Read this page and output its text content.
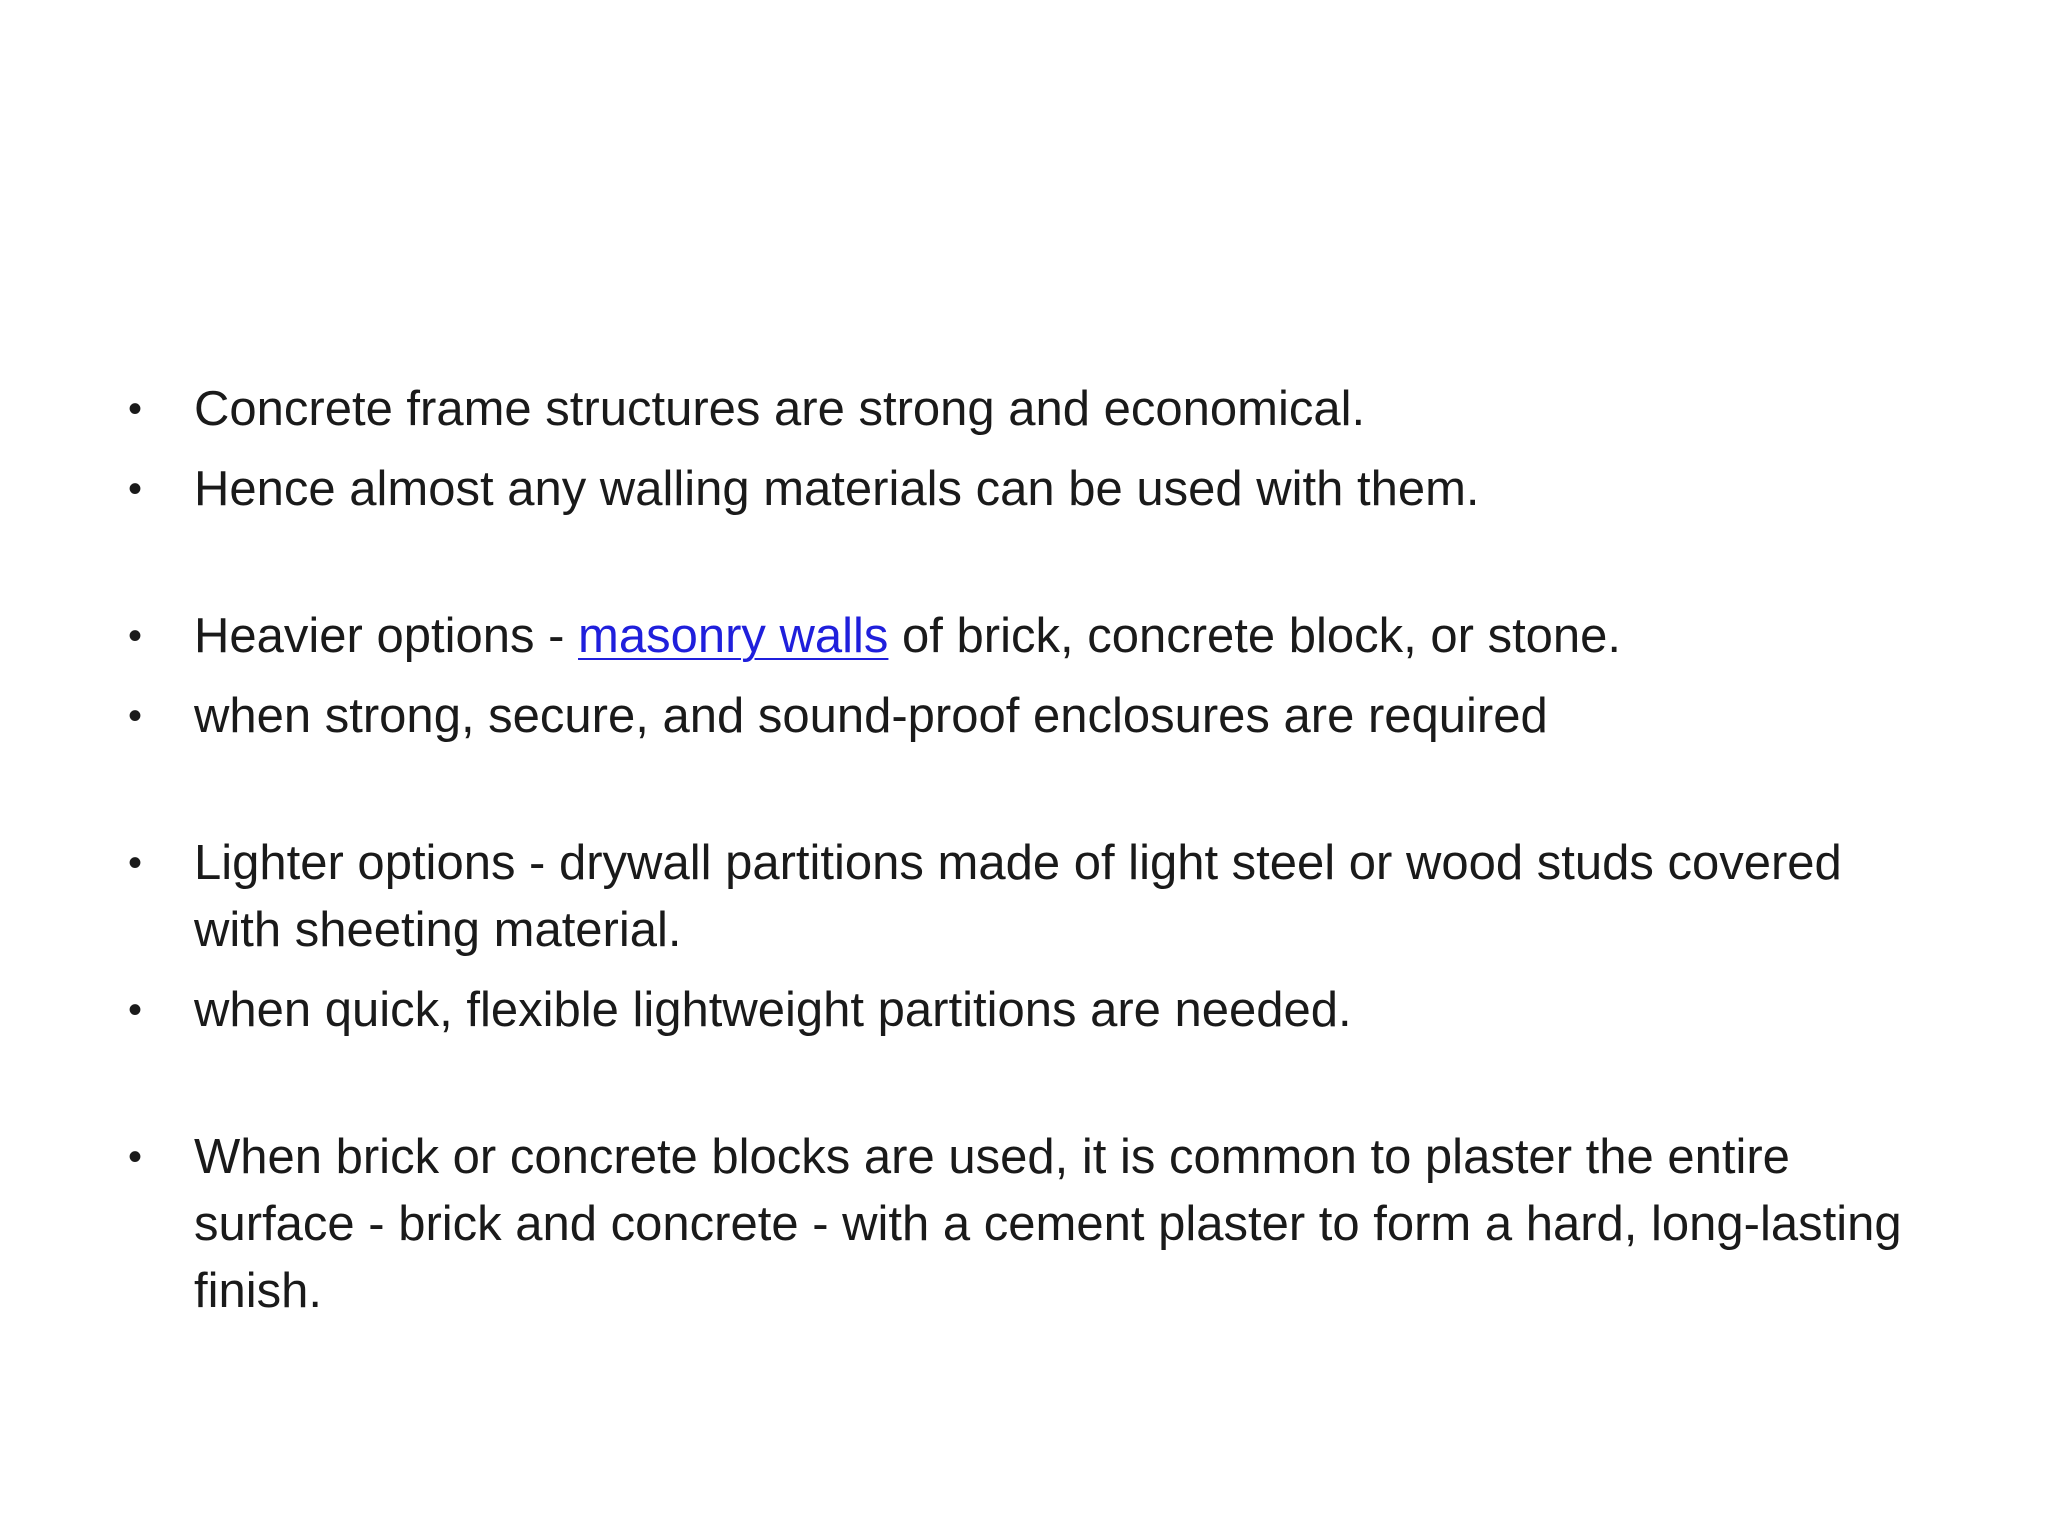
• Concrete frame structures are strong and economical.
• Hence almost any walling materials can be used with them.
• Heavier options - masonry walls of brick, concrete block, or stone.
• when strong, secure, and sound-proof enclosures are required
• Lighter options - drywall partitions made of light steel or wood studs covered with sheeting material.
• when quick, flexible lightweight partitions are needed.
• When brick or concrete blocks are used, it is common to plaster the entire surface - brick and concrete - with a cement plaster to form a hard, long-lasting finish.
